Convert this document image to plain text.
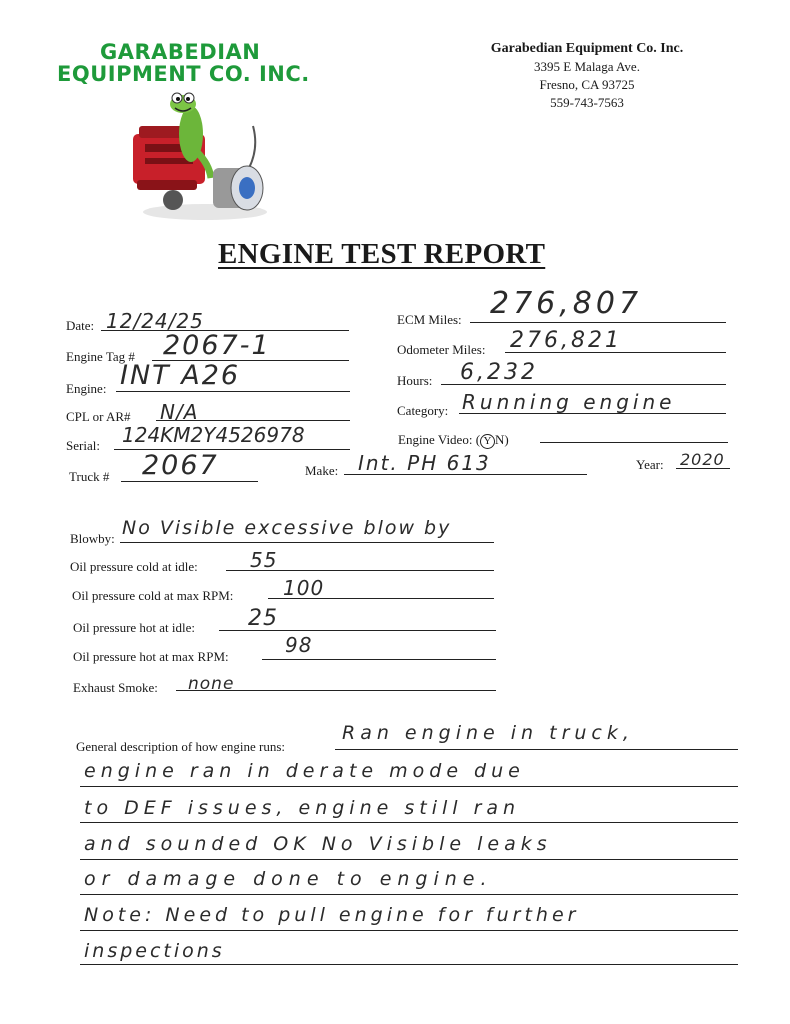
GARABEDIAN
EQUIPMENT CO. INC.
Garabedian Equipment Co. Inc.
3395 E Malaga Ave.
Fresno, CA 93725
559-743-7563
ENGINE TEST REPORT
Date: 12/24/25
Engine Tag # 2067-1
Engine: INT A26
CPL or AR# N/A
Serial: 124KM2Y4526978
Truck # 2067
ECM Miles: 276,807
Odometer Miles: 276,821
Hours: 6,232
Category: Running engine
Engine Video: ( Y N)
Make: Int. PH 613	Year: 2020
Blowby: No Visible excessive blow by
Oil pressure cold at idle:	55
Oil pressure cold at max RPM: 100
Oil pressure hot at idle: 25
Oil pressure hot at max RPM:	98
Exhaust Smoke: none
General description of how engine runs:
Ran engine in truck,
engine ran in derate mode due
to DEF issues, engine still ran
and sounded OK No Visible leaks
or damage done to engine.
Note: Need to pull engine for further
inspections
